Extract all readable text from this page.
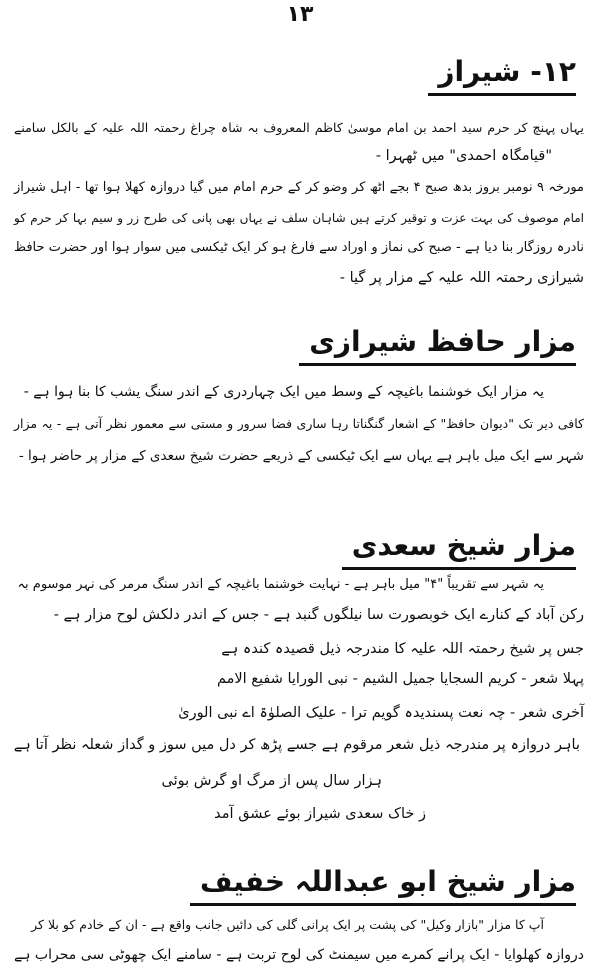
۱۳
۱۲- شیراز
یہاں پہنچ کر حرم سید احمد بن امام موسیٰ کاظم المعروف بہ شاہ چراغ رحمتہ اللہ علیہ کے بالکل سامنے
"قیامگاہ احمدی" میں ٹھہرا -
مورخہ ۹ نومبر بروز بدھ صبح ۴ بجے اٹھ کر وضو کر کے حرم امام میں گیا دروازہ کھلا ہوا تھا - اہل شیراز
امام موصوف کی بہت عزت و توقیر کرتے ہیں شاہان سلف نے یہاں بھی پانی کی طرح زر و سیم بہا کر حرم کو
نادرہ روزگار بنا دیا ہے - صبح کی نماز و اوراد سے فارغ ہو کر ایک ٹیکسی میں سوار ہوا اور حضرت حافظ
شیرازی رحمتہ اللہ علیہ کے مزار پر گیا -
مزار حافظ شیرازی
یہ مزار ایک خوشنما باغیچہ کے وسط میں ایک چہاردری کے اندر سنگ یشب کا بنا ہوا ہے -
کافی دیر تک "دیوان حافظ" کے اشعار گنگناتا رہا ساری فضا سرور و مستی سے معمور نظر آتی ہے - یہ مزار
شہر سے ایک میل باہر ہے یہاں سے ایک ٹیکسی کے ذریعے حضرت شیخ سعدی کے مزار پر حاضر ہوا -
مزار شیخ سعدی
یہ شہر سے تقریباً "۴" میل باہر ہے - نہایت خوشنما باغیچہ کے اندر سنگ مرمر کی نہر موسوم بہ
رکن آباد کے کنارے ایک خوبصورت سا نیلگوں گنبد ہے - جس کے اندر دلکش لوح مزار ہے -
جس پر شیخ رحمتہ اللہ علیہ کا مندرجہ ذیل قصیدہ کندہ ہے
پہلا شعر - کریم السجایا جمیل الشیم - نبی الورایا شفیع الامم
آخری شعر - چہ نعت پسندیدہ گویم ترا - علیک الصلوٰۃ اے نبی الوریٰ
باہر دروازہ پر مندرجہ ذیل شعر مرقوم ہے جسے پڑھ کر دل میں سوز و گداز شعلہ نظر آتا ہے
ہزار سال پس از مرگ او گرش بوئی
ز خاک سعدی شیراز بوئے عشق آمد
مزار شیخ ابو عبداللہ خفیف
آپ کا مزار "بازار وکیل" کی پشت پر ایک پرانی گلی کی دائیں جانب واقع ہے - ان کے خادم کو بلا کر
دروازہ کھلوایا - ایک پرانے کمرے میں سیمنٹ کی لوح تربت ہے - سامنے ایک چھوٹی سی محراب ہے
